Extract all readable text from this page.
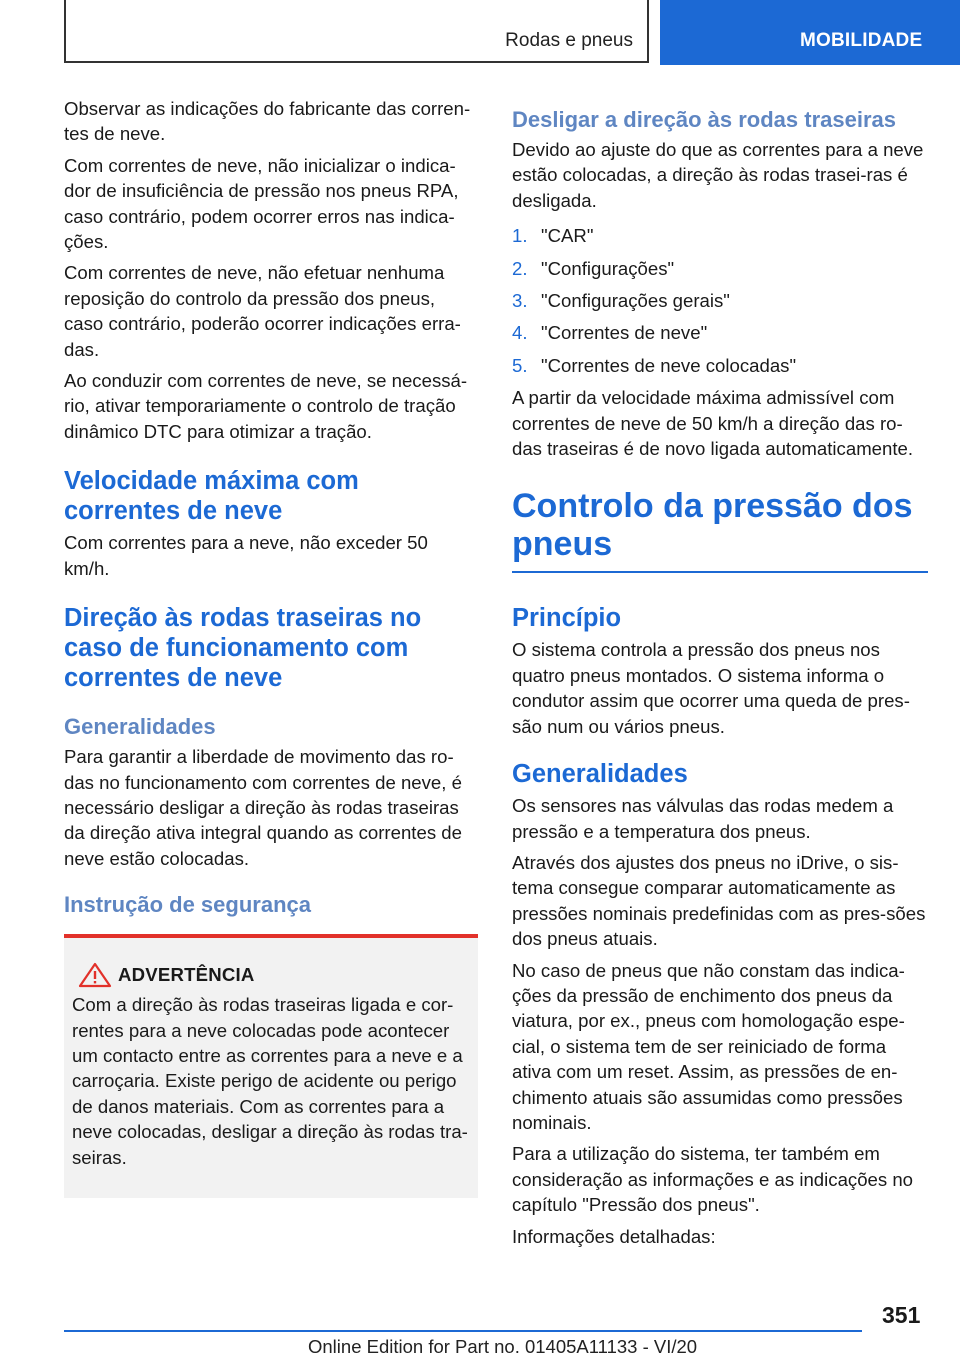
Rodas e pneus	MOBILIDADE

Observar as indicações do fabricante das corren‐tes de neve.

Com correntes de neve, não inicializar o indica‐dor de insuficiência de pressão nos pneus RPA, caso contrário, podem ocorrer erros nas indica‐ções.

Com correntes de neve, não efetuar nenhuma reposição do controlo da pressão dos pneus, caso contrário, poderão ocorrer indicações erra‐das.

Ao conduzir com correntes de neve, se necessá‐rio, ativar temporariamente o controlo de tração dinâmico DTC para otimizar a tração.

Velocidade máxima com correntes de neve

Com correntes para a neve, não exceder 50 km/h.

Direção às rodas traseiras no caso de funcionamento com correntes de neve
Generalidades

Para garantir a liberdade de movimento das ro‐das no funcionamento com correntes de neve, é necessário desligar a direção às rodas traseiras da direção ativa integral quando as correntes de neve estão colocadas.

Instrução de segurança
ADVERTÊNCIA

Com a direção às rodas traseiras ligada e cor‐rentes para a neve colocadas pode acontecer um contacto entre as correntes para a neve e a carroçaria. Existe perigo de acidente ou perigo de danos materiais. Com as correntes para a neve colocadas, desligar a direção às rodas tra‐seiras.

Desligar a direção às rodas traseiras

Devido ao ajuste do que as correntes para a neve estão colocadas, a direção às rodas trasei‐ras é desligada.

1. "CAR"
2. "Configurações"
3. "Configurações gerais"
4. "Correntes de neve"
5. "Correntes de neve colocadas"

A partir da velocidade máxima admissível com correntes de neve de 50 km/h a direção das ro‐das traseiras é de novo ligada automaticamente.

Controlo da pressão dos pneus
Princípio

O sistema controla a pressão dos pneus nos quatro pneus montados. O sistema informa o condutor assim que ocorrer uma queda de pres‐são num ou vários pneus.

Generalidades

Os sensores nas válvulas das rodas medem a pressão e a temperatura dos pneus.

Através dos ajustes dos pneus no iDrive, o sis‐tema consegue comparar automaticamente as pressões nominais predefinidas com as pres‐sões dos pneus atuais.

No caso de pneus que não constam das indica‐ções da pressão de enchimento dos pneus da viatura, por ex., pneus com homologação espe‐cial, o sistema tem de ser reiniciado de forma ativa com um reset. Assim, as pressões de en‐chimento atuais são assumidas como pressões nominais.

Para a utilização do sistema, ter também em consideração as informações e as indicações no capítulo "Pressão dos pneus".

Informações detalhadas:

351
Online Edition for Part no. 01405A11133 - VI/20
